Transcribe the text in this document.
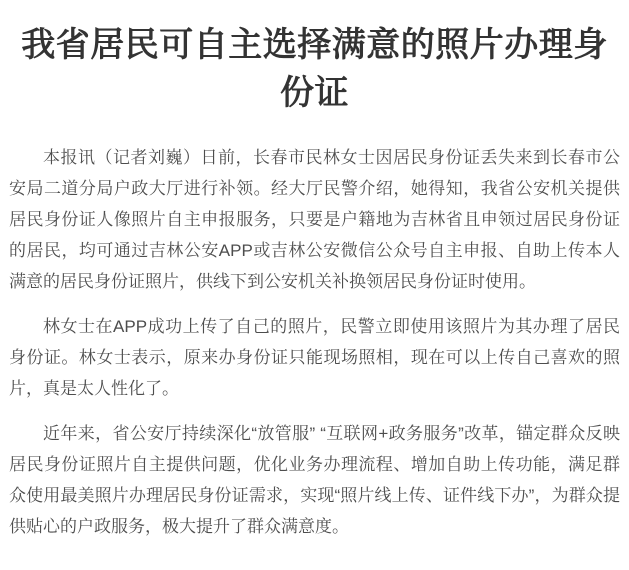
我省居民可自主选择满意的照片办理身份证

本报讯（记者刘巍）日前，长春市民林女士因居民身份证丢失来到长春市公安局二道分局户政大厅进行补领。经大厅民警介绍，她得知，我省公安机关提供居民身份证人像照片自主申报服务，只要是户籍地为吉林省且申领过居民身份证的居民，均可通过吉林公安APP或吉林公安微信公众号自主申报、自助上传本人满意的居民身份证照片，供线下到公安机关补换领居民身份证时使用。

林女士在APP成功上传了自己的照片，民警立即使用该照片为其办理了居民身份证。林女士表示，原来办身份证只能现场照相，现在可以上传自己喜欢的照片，真是太人性化了。

近年来，省公安厅持续深化“放管服” “互联网+政务服务”改革，锚定群众反映居民身份证照片自主提供问题，优化业务办理流程、增加自助上传功能，满足群众使用最美照片办理居民身份证需求，实现“照片线上传、证件线下办”，为群众提供贴心的户政服务，极大提升了群众满意度。
